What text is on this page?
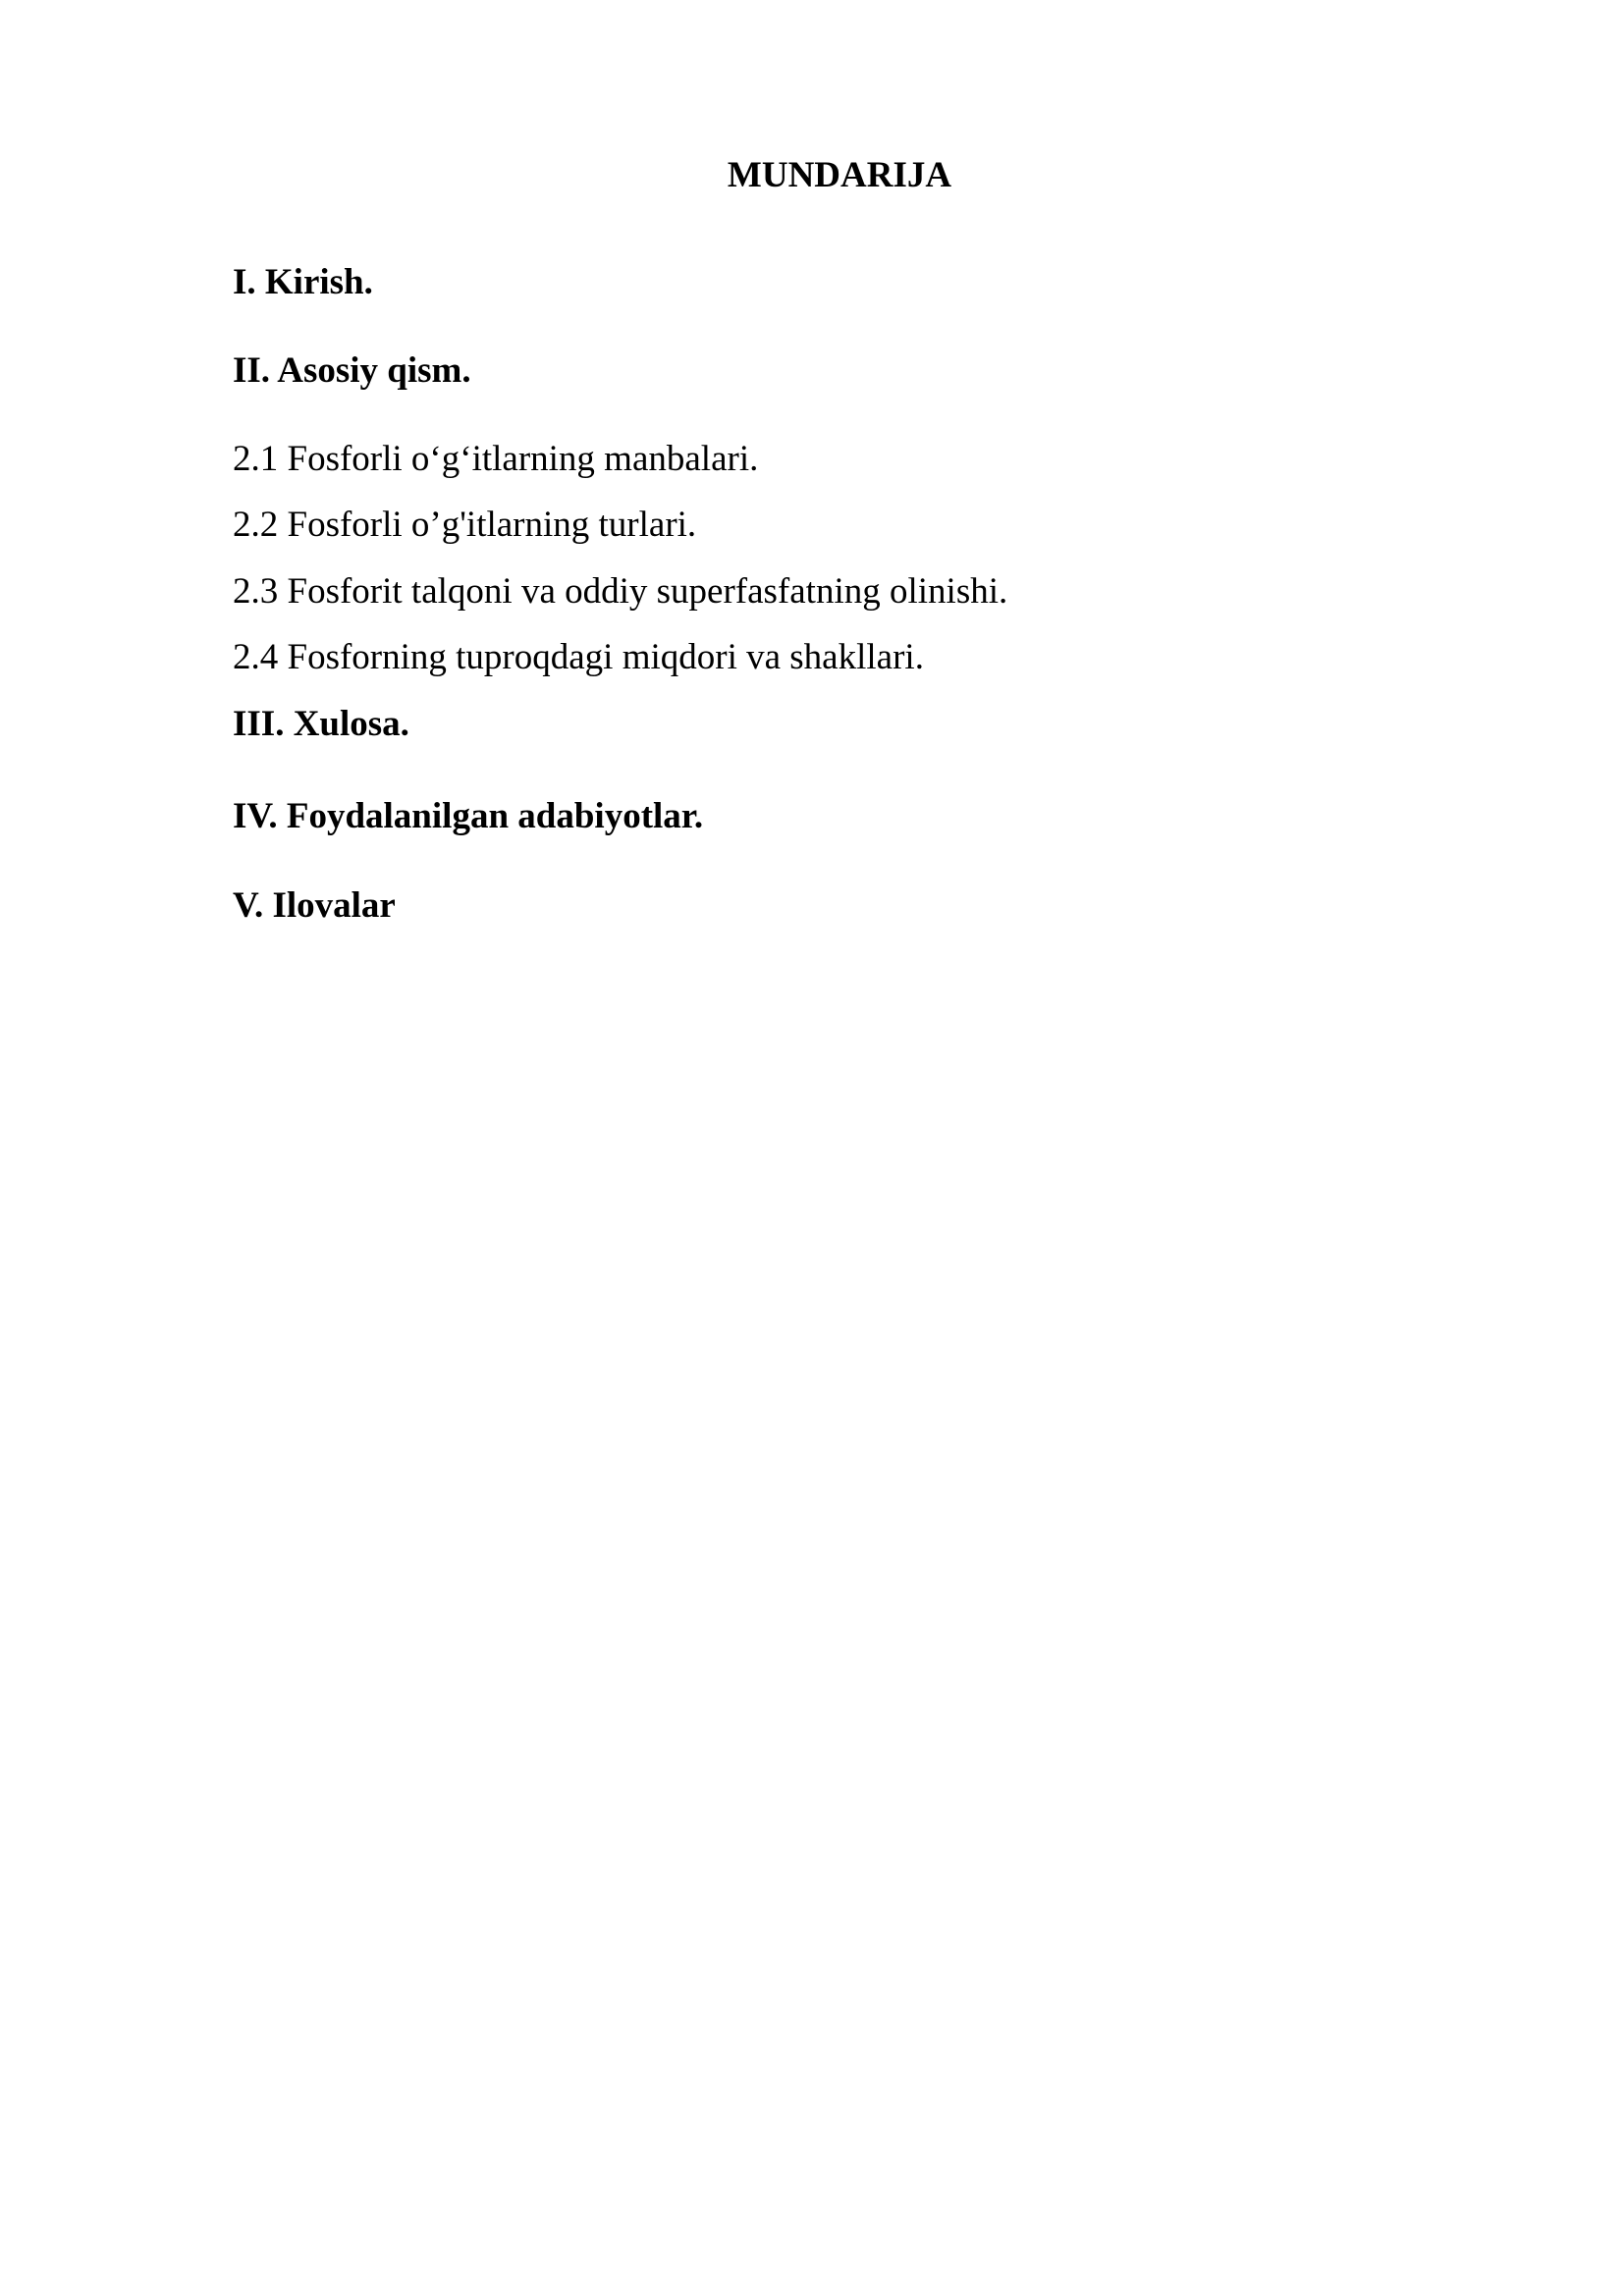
MUNDARIJA
I. Kirish.
II. Asosiy qism.
2.1 Fosforli o‘g‘itlarning manbalari.
2.2 Fosforli o’g'itlarning turlari.
2.3 Fosforit talqoni va oddiy superfasfatning olinishi.
2.4 Fosforning tuproqdagi miqdori va shakllari.
III. Xulosa.
IV. Foydalanilgan adabiyotlar.
V. Ilovalar
